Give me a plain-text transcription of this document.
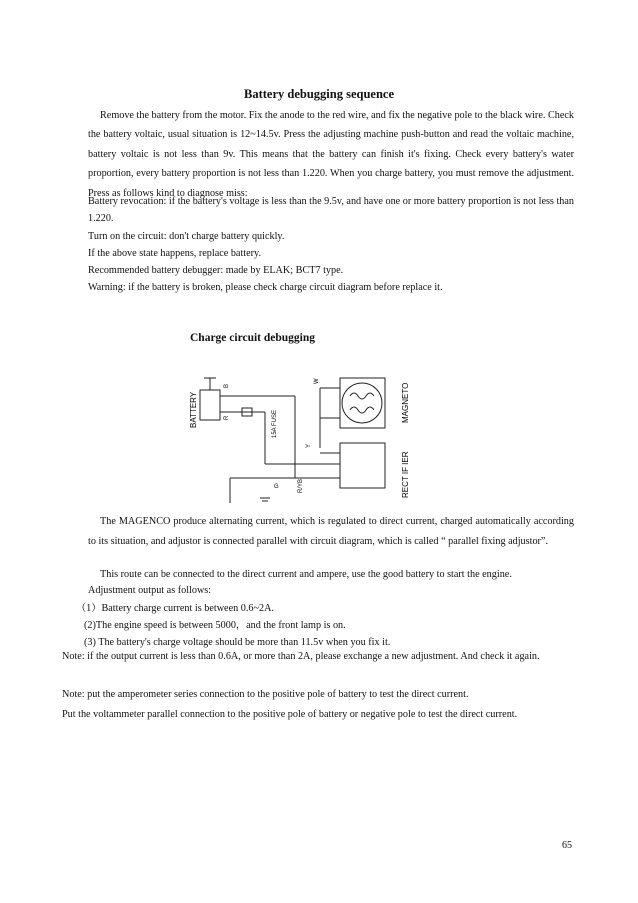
Battery debugging sequence
Remove the battery from the motor. Fix the anode to the red wire, and fix the negative pole to the black wire. Check the battery voltaic, usual situation is 12~14.5v. Press the adjusting machine push-button and read the voltaic machine, battery voltaic is not less than 9v. This means that the battery can finish it's fixing. Check every battery's water proportion, every battery proportion is not less than 1.220. When you charge battery, you must remove the adjustment. Press as follows kind to diagnose miss:
Battery revocation: if the battery's voltage is less than the 9.5v, and have one or more battery proportion is not less than 1.220.
Turn on the circuit: don't charge battery quickly.
If the above state happens, replace battery.
Recommended battery debugger: made by ELAK; BCT7 type.
Warning: if the battery is broken, please check charge circuit diagram before replace it.
Charge circuit debugging
BATTERY	MAGNETO
RECT IF IER
15A FUSE
B
R
W
Y
R/YB
G
The MAGENCO produce alternating current, which is regulated to direct current, charged automatically according to its situation, and adjustor is connected parallel with circuit diagram, which is called “ parallel fixing adjustor”.
This route can be connected to the direct current and ampere, use the good battery to start the engine.
Adjustment output as follows:
（1）Battery charge current is between 0.6~2A.
(2)The engine speed is between 5000，and the front lamp is on.
(3) The battery's charge voltage should be more than 11.5v when you fix it.
Note: if the output current is less than 0.6A, or more than 2A, please exchange a new adjustment. And check it again.
Note: put the amperometer series connection to the positive pole of battery to test the direct current.
Put the voltammeter parallel connection to the positive pole of battery or negative pole to test the direct current.
65
